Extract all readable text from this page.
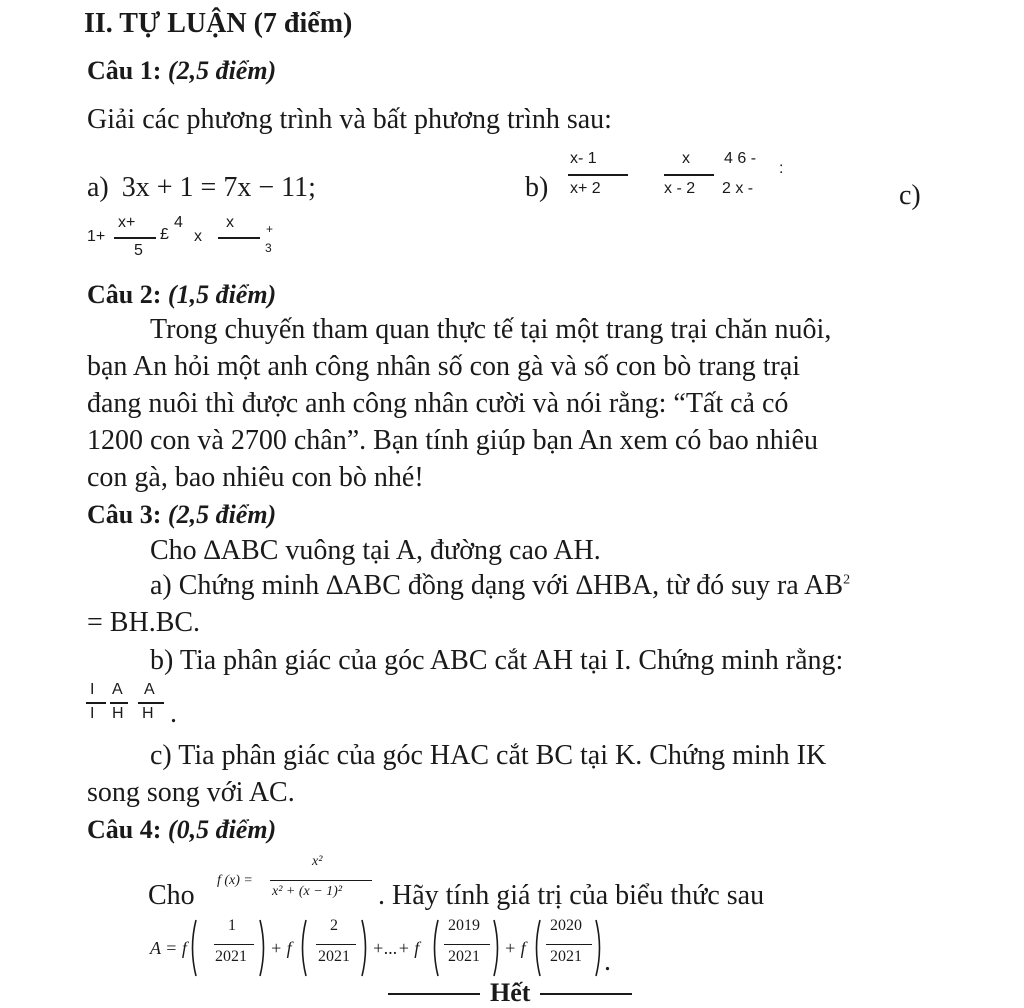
II. TỰ LUẬN (7 điểm)
Câu 1: (2,5 điểm)
Giải các phương trình và bất phương trình sau:
a) 3x + 1 = 7x − 11;	b)
x- 1
x+ 2
x
x - 2
4 6 -
2 x -
:
c)
1+
x+
5
£
4
x
x	+
3
Câu 2: (1,5 điểm)
Trong chuyến tham quan thực tế tại một trang trại chăn nuôi,
bạn An hỏi một anh công nhân số con gà và số con bò trang trại
đang nuôi thì được anh công nhân cười và nói rằng: “Tất cả có
1200 con và 2700 chân”. Bạn tính giúp bạn An xem có bao nhiêu
con gà, bao nhiêu con bò nhé!
Câu 3: (2,5 điểm)
Cho ∆ABC vuông tại A, đường cao AH.
a) Chứng minh ∆ABC đồng dạng với ∆HBA, từ đó suy ra $AB^2$
= BH.BC.
b) Tia phân giác của góc ABC cắt AH tại I. Chứng minh rằng:
I
I
A
H
A
H .
c) Tia phân giác của góc HAC cắt BC tại K. Chứng minh IK
song song với AC.
Câu 4: (0,5 điểm)
Cho f (x) =
x²
x² + (x − 1)² . Hãy tính giá trị của biểu thức sau
A = f
1
2021 + f
2
2021 +...+ f
2019
2021 + f
2020
2021 .
Hết
